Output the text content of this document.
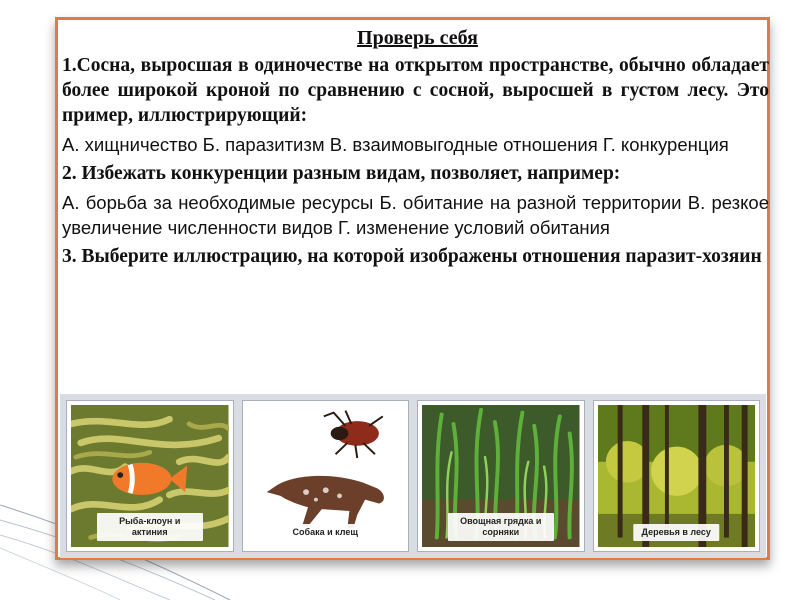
Проверь себя
1.Сосна, выросшая в одиночестве на открытом пространстве, обычно обладает более широкой кроной по сравнению с сосной, выросшей в густом лесу. Это пример, иллюстрирующий:
А. хищничество Б. паразитизм В. взаимовыгодные отношения Г. конкуренция
2. Избежать конкуренции разным видам, позволяет, например:
А. борьба за необходимые ресурсы Б. обитание на разной территории В. резкое увеличение численности видов Г. изменение условий обитания
3. Выберите иллюстрацию, на которой изображены отношения паразит-хозяин
Рыба-клоун и актиния	Собака и клещ
Овощная грядка и сорняки	Деревья в лесу
